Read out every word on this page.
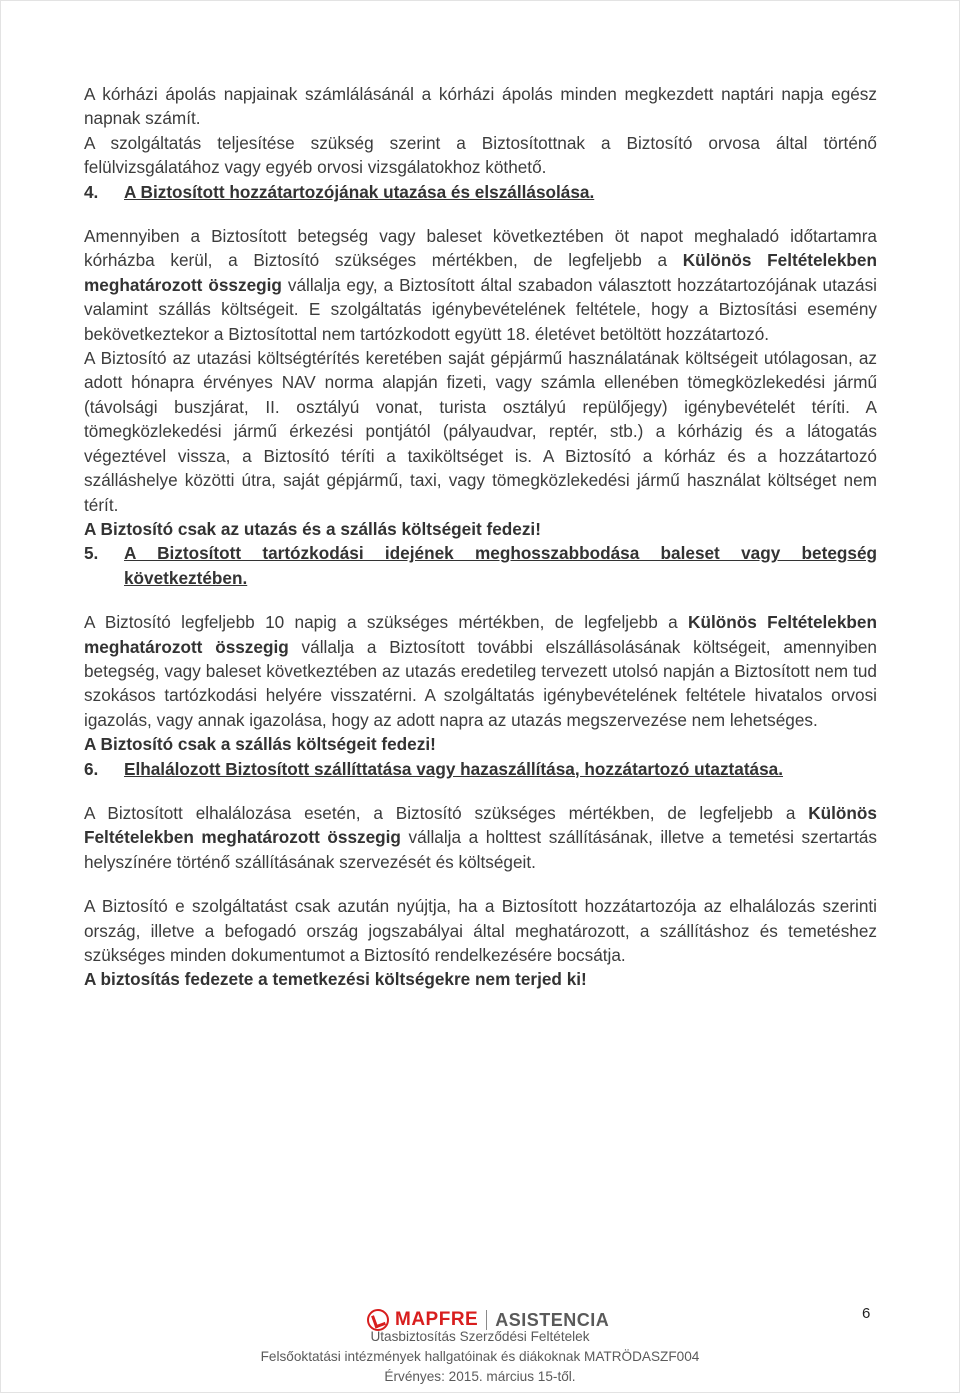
A kórházi ápolás napjainak számlálásánál a kórházi ápolás minden megkezdett naptári napja egész napnak számít.

A szolgáltatás teljesítése szükség szerint a Biztosítottnak a Biztosító orvosa által történő felülvizsgálatához vagy egyéb orvosi vizsgálatokhoz köthető.

4.	A Biztosított hozzátartozójának utazása és elszállásolása.

Amennyiben a Biztosított betegség vagy baleset következtében öt napot meghaladó időtartamra kórházba kerül, a Biztosító szükséges mértékben, de legfeljebb a Különös Feltételekben meghatározott összegig vállalja egy, a Biztosított által szabadon választott hozzátartozójának utazási valamint szállás költségeit. E szolgáltatás igénybevételének feltétele, hogy a Biztosítási esemény bekövetkeztekor a Biztosítottal nem tartózkodott együtt 18. életévet betöltött hozzátartozó.

A Biztosító az utazási költségtérítés keretében saját gépjármű használatának költségeit utólagosan, az adott hónapra érvényes NAV norma alapján fizeti, vagy számla ellenében tömegközlekedési jármű (távolsági buszjárat, II. osztályú vonat, turista osztályú repülőjegy) igénybevételét téríti. A tömegközlekedési jármű érkezési pontjától (pályaudvar, reptér, stb.) a kórházig és a látogatás végeztével vissza, a Biztosító téríti a taxiköltséget is. A Biztosító a kórház és a hozzátartozó szálláshelye közötti útra, saját gépjármű, taxi, vagy tömegközlekedési jármű használat költséget nem térít.

A Biztosító csak az utazás és a szállás költségeit fedezi!

5.	A Biztosított tartózkodási idejének meghosszabbodása baleset vagy betegség következtében.

A Biztosító legfeljebb 10 napig a szükséges mértékben, de legfeljebb a Különös Feltételekben meghatározott összegig vállalja a Biztosított további elszállásolásának költségeit, amennyiben betegség, vagy baleset következtében az utazás eredetileg tervezett utolsó napján a Biztosított nem tud szokásos tartózkodási helyére visszatérni. A szolgáltatás igénybevételének feltétele hivatalos orvosi igazolás, vagy annak igazolása, hogy az adott napra az utazás megszervezése nem lehetséges.

A Biztosító csak a szállás költségeit fedezi!

6.	Elhalálozott Biztosított szállíttatása vagy hazaszállítása, hozzátartozó utaztatása.

A Biztosított elhalálozása esetén, a Biztosító szükséges mértékben, de legfeljebb a Különös Feltételekben meghatározott összegig vállalja a holttest szállításának, illetve a temetési szertartás helyszínére történő szállításának szervezését és költségeit.

A Biztosító e szolgáltatást csak azután nyújtja, ha a Biztosított hozzátartozója az elhalálozás szerinti ország, illetve a befogadó ország jogszabályai által meghatározott, a szállításhoz és temetéshez szükséges minden dokumentumot a Biztosító rendelkezésére bocsátja.

A biztosítás fedezete a temetkezési költségekre nem terjed ki!

MAPFRE ASISTENCIA	6
Utasbiztosítás Szerződési Feltételek
Felsőoktatási intézmények hallgatóinak és diákoknak MATRÖDASZF004
Érvényes: 2015. március 15-től.
